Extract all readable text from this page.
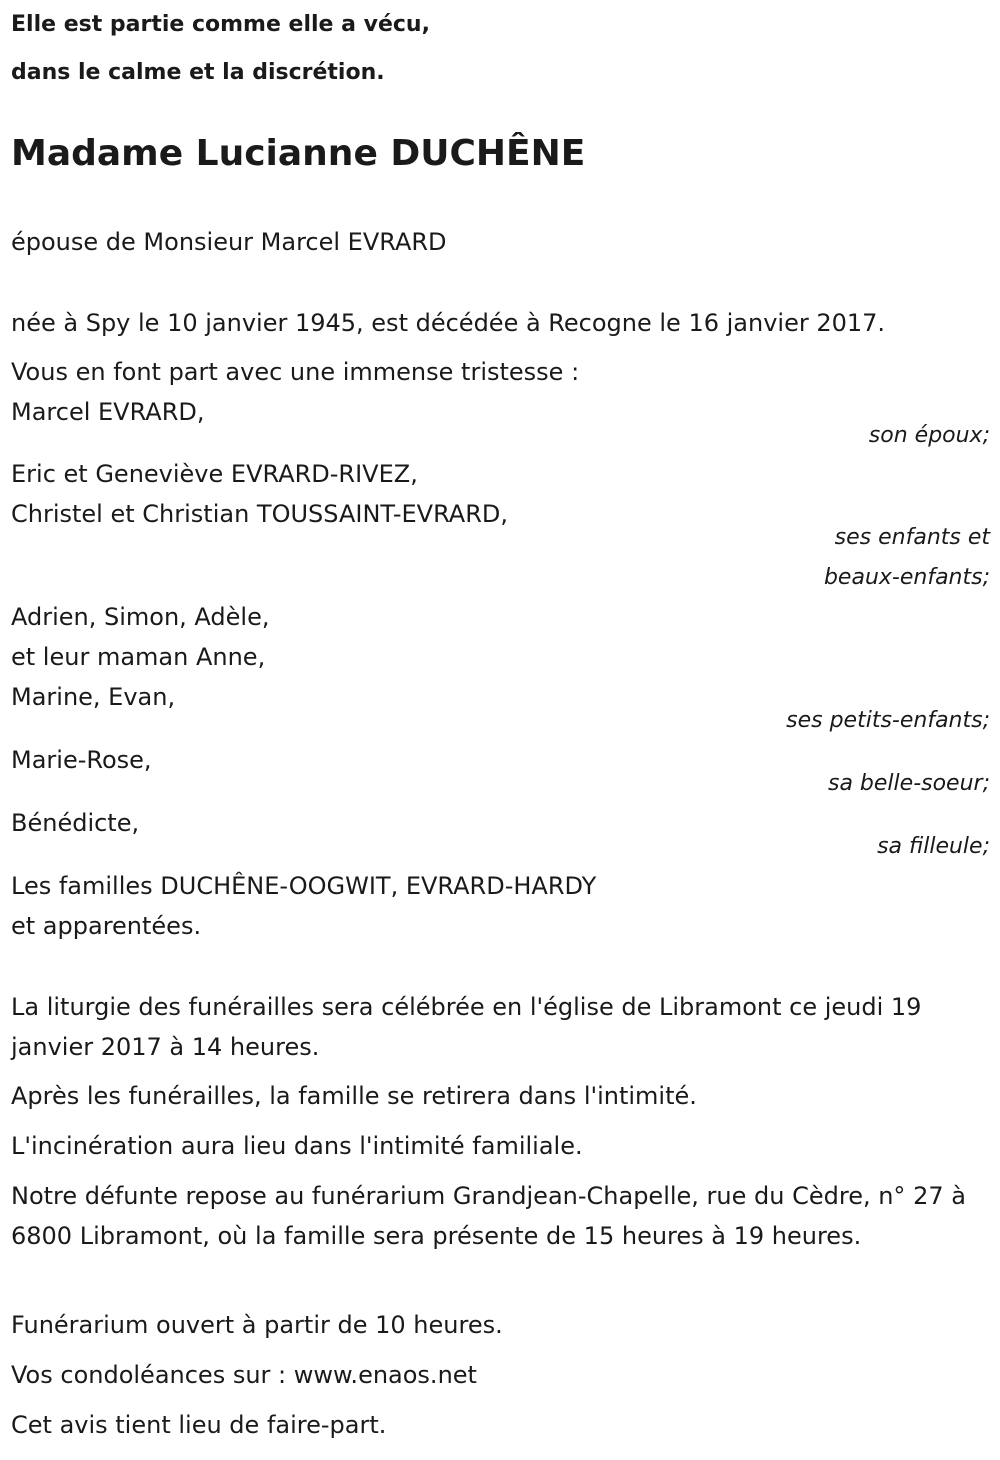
Elle est partie comme elle a vécu,

dans le calme et la discrétion.

Madame Lucianne DUCHÊNE

épouse de Monsieur Marcel EVRARD

née à Spy le 10 janvier 1945, est décédée à Recogne le 16 janvier 2017.

Vous en font part avec une immense tristesse :

Marcel EVRARD,

son époux;

Eric et Geneviève EVRARD-RIVEZ,

Christel et Christian TOUSSAINT-EVRARD,

ses enfants et

beaux-enfants;

Adrien, Simon, Adèle,

et leur maman Anne,

Marine, Evan,

ses petits-enfants;

Marie-Rose,

sa belle-soeur;

Bénédicte,

sa filleule;

Les familles DUCHÊNE-OOGWIT, EVRARD-HARDY

et apparentées.

La liturgie des funérailles sera célébrée en l'église de Libramont ce jeudi 19 janvier 2017 à 14 heures.

Après les funérailles, la famille se retirera dans l'intimité.

L'incinération aura lieu dans l'intimité familiale.

Notre défunte repose au funérarium Grandjean-Chapelle, rue du Cèdre, n° 27 à 6800 Libramont, où la famille sera présente de 15 heures à 19 heures.

Funérarium ouvert à partir de 10 heures.

Vos condoléances sur : www.enaos.net

Cet avis tient lieu de faire-part.
